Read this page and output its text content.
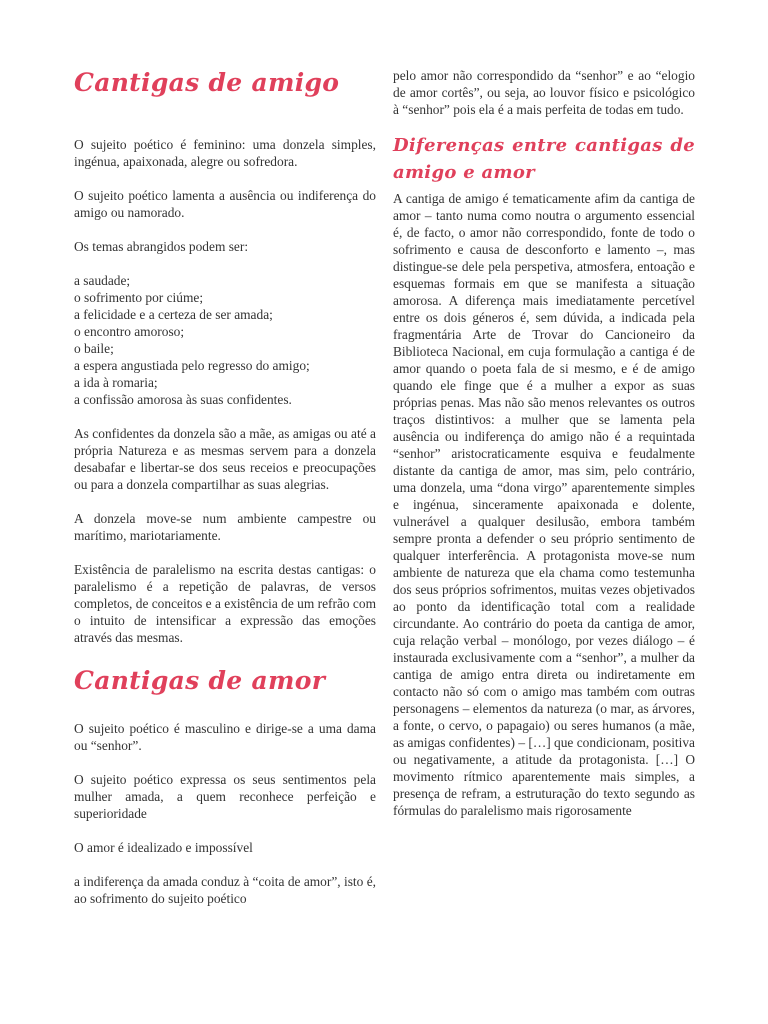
Cantigas de amigo

O sujeito poético é feminino: uma donzela simples, ingénua, apaixonada, alegre ou sofredora.

O sujeito poético lamenta a ausência ou indiferença do amigo ou namorado.

Os temas abrangidos podem ser:

a saudade;

o sofrimento por ciúme;

a felicidade e a certeza de ser amada;

o encontro amoroso;

o baile;

a espera angustiada pelo regresso do amigo;

a ida à romaria;

a confissão amorosa às suas confidentes.

As confidentes da donzela são a mãe, as amigas ou até a própria Natureza e as mesmas servem para a donzela desabafar e libertar-se dos seus receios e preocupações ou para a donzela compartilhar as suas alegrias.

A donzela move-se num ambiente campestre ou marítimo, mariotariamente.

Existência de paralelismo na escrita destas cantigas: o paralelismo é a repetição de palavras, de versos completos, de conceitos e a existência de um refrão com o intuito de intensificar a expressão das emoções através das mesmas.

Cantigas de amor

O sujeito poético é masculino e dirige-se a uma dama ou “senhor”.

O sujeito poético expressa os seus sentimentos pela mulher amada, a quem reconhece perfeição e superioridade

O amor é idealizado e impossível

a indiferença da amada conduz à “coita de amor”, isto é, ao sofrimento do sujeito poético

pelo amor não correspondido da “senhor” e ao “elogio de amor cortês”, ou seja, ao louvor físico e psicológico à “senhor” pois ela é a mais perfeita de todas em tudo.

Diferenças entre cantigas de
amigo e amor

A cantiga de amigo é tematicamente afim da cantiga de amor – tanto numa como noutra o argumento essencial é, de facto, o amor não correspondido, fonte de todo o sofrimento e causa de desconforto e lamento –, mas distingue-se dele pela perspetiva, atmosfera, entoação e esquemas formais em que se manifesta a situação amorosa. A diferença mais imediatamente percetível entre os dois géneros é, sem dúvida, a indicada pela fragmentária Arte de Trovar do Cancioneiro da Biblioteca Nacional, em cuja formulação a cantiga é de amor quando o poeta fala de si mesmo, e é de amigo quando ele finge que é a mulher a expor as suas próprias penas. Mas não são menos relevantes os outros traços distintivos: a mulher que se lamenta pela ausência ou indiferença do amigo não é a requintada “senhor” aristocraticamente esquiva e feudalmente distante da cantiga de amor, mas sim, pelo contrário, uma donzela, uma “dona virgo” aparentemente simples e ingénua, sinceramente apaixonada e dolente, vulnerável a qualquer desilusão, embora também sempre pronta a defender o seu próprio sentimento de qualquer interferência. A protagonista move-se num ambiente de natureza que ela chama como testemunha dos seus próprios sofrimentos, muitas vezes objetivados ao ponto da identificação total com a realidade circundante. Ao contrário do poeta da cantiga de amor, cuja relação verbal – monólogo, por vezes diálogo – é instaurada exclusivamente com a “senhor”, a mulher da cantiga de amigo entra direta ou indiretamente em contacto não só com o amigo mas também com outras personagens – elementos da natureza (o mar, as árvores, a fonte, o cervo, o papagaio) ou seres humanos (a mãe, as amigas confidentes) – […] que condicionam, positiva ou negativamente, a atitude da protagonista. […] O movimento rítmico aparentemente mais simples, a presença de refram, a estruturação do texto segundo as fórmulas do paralelismo mais rigorosamente
